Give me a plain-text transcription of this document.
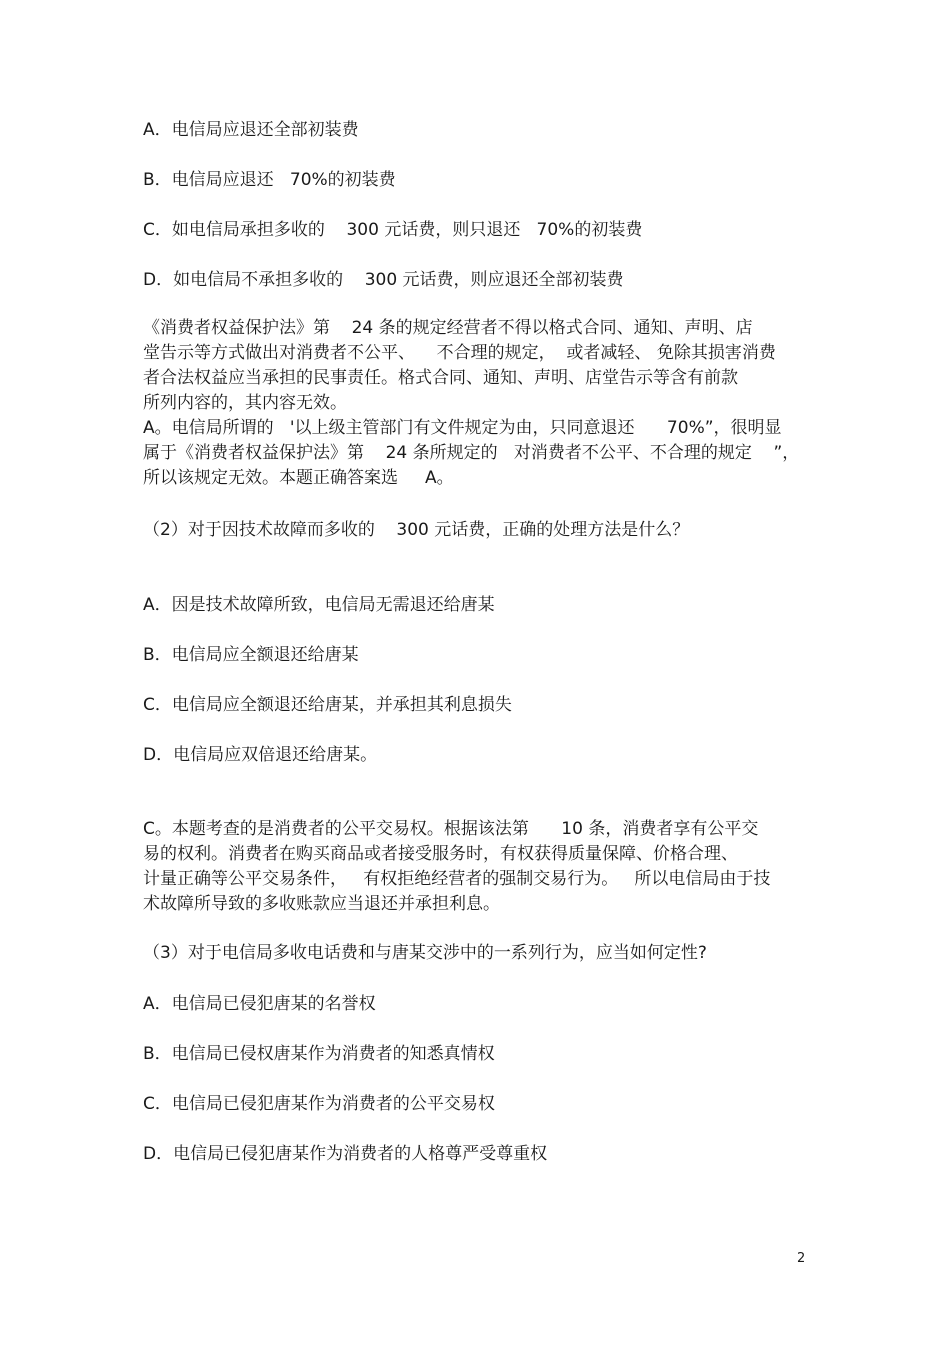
A．电信局应退还全部初装费
B．电信局应退还   70%的初装费
C．如电信局承担多收的    300 元话费，则只退还   70%的初装费
D．如电信局不承担多收的    300 元话费，则应退还全部初装费
《消费者权益保护法》第    24 条的规定经营者不得以格式合同、通知、声明、店
堂告示等方式做出对消费者不公平、    不合理的规定，  或者减轻、 免除其损害消费
者合法权益应当承担的民事责任。格式合同、通知、声明、店堂告示等含有前款
所列内容的，其内容无效。
A。电信局所谓的   '以上级主管部门有文件规定为由，只同意退还      70%”，很明显
属于《消费者权益保护法》第    24 条所规定的   对消费者不公平、不合理的规定    ”，
所以该规定无效。本题正确答案选     A。
（2）对于因技术故障而多收的    300 元话费，正确的处理方法是什么？
A．因是技术故障所致，电信局无需退还给唐某
B．电信局应全额退还给唐某
C．电信局应全额退还给唐某，并承担其利息损失
D．电信局应双倍退还给唐某。
C。本题考查的是消费者的公平交易权。根据该法第      10 条，消费者享有公平交
易的权利。消费者在购买商品或者接受服务时，有权获得质量保障、价格合理、
计量正确等公平交易条件，   有权拒绝经营者的强制交易行为。   所以电信局由于技
术故障所导致的多收账款应当退还并承担利息。
（3）对于电信局多收电话费和与唐某交涉中的一系列行为，应当如何定性?
A．电信局已侵犯唐某的名誉权
B．电信局已侵权唐某作为消费者的知悉真情权
C．电信局已侵犯唐某作为消费者的公平交易权
D．电信局已侵犯唐某作为消费者的人格尊严受尊重权
2
